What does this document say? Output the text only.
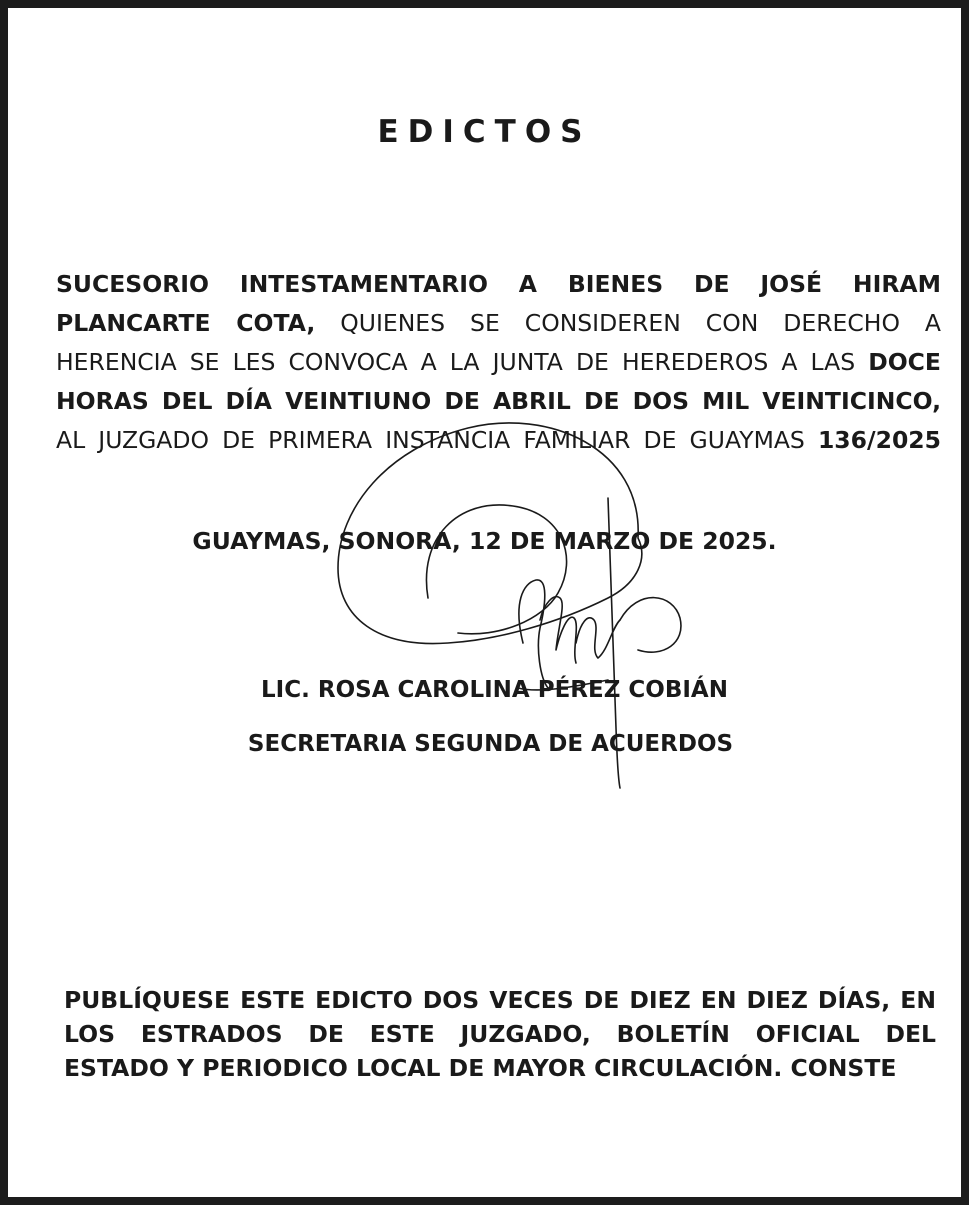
EDICTOS
SUCESORIO INTESTAMENTARIO A BIENES DE JOSÉ HIRAM
PLANCARTE COTA, QUIENES SE CONSIDEREN CON DERECHO A
HERENCIA SE LES CONVOCA A LA JUNTA DE HEREDEROS A LAS DOCE
HORAS DEL DÍA VEINTIUNO DE ABRIL DE DOS MIL VEINTICINCO,
AL JUZGADO DE PRIMERA INSTANCIA FAMILIAR DE GUAYMAS 136/2025
GUAYMAS, SONORA, 12 DE MARZO DE 2025.
LIC. ROSA CAROLINA PÉREZ COBIÁN
SECRETARIA SEGUNDA DE ACUERDOS
PUBLÍQUESE ESTE EDICTO DOS VECES DE DIEZ EN DIEZ DÍAS, EN
LOS ESTRADOS DE ESTE JUZGADO, BOLETÍN OFICIAL DEL
ESTADO Y PERIODICO LOCAL DE MAYOR CIRCULACIÓN. CONSTE
